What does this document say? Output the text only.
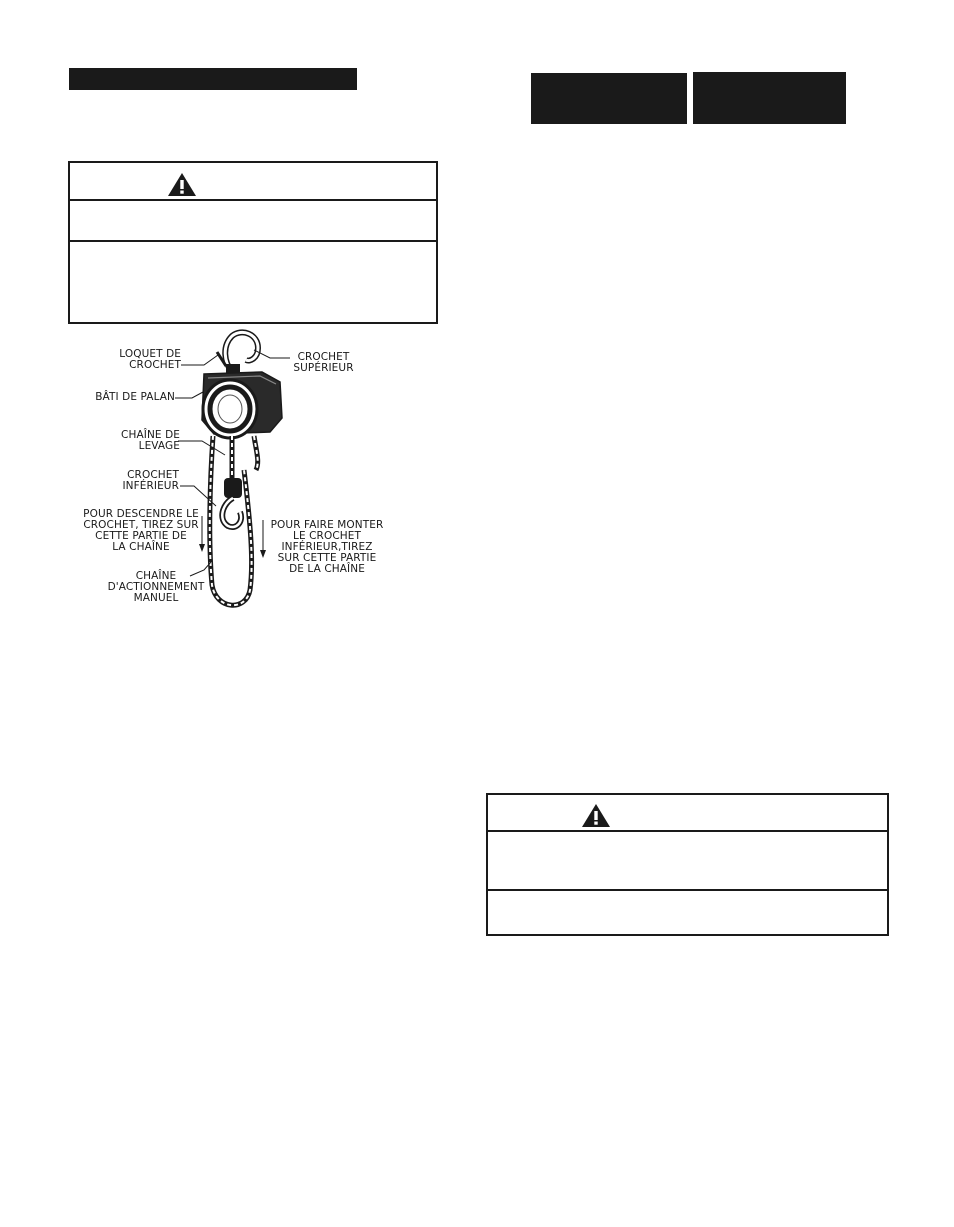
LOQUET DE
CROCHET
CROCHET
SUPÉRIEUR
BÂTI DE PALAN
CHAÎNE DE
LEVAGE
CROCHET
INFÉRIEUR
POUR DESCENDRE LE
CROCHET, TIREZ SUR
CETTE PARTIE DE
LA CHAÎNE
POUR FAIRE MONTER
LE CROCHET
INFÉRIEUR,TIREZ
SUR CETTE PARTIE
DE LA CHAÎNE
CHAÎNE
D'ACTIONNEMENT
MANUEL
